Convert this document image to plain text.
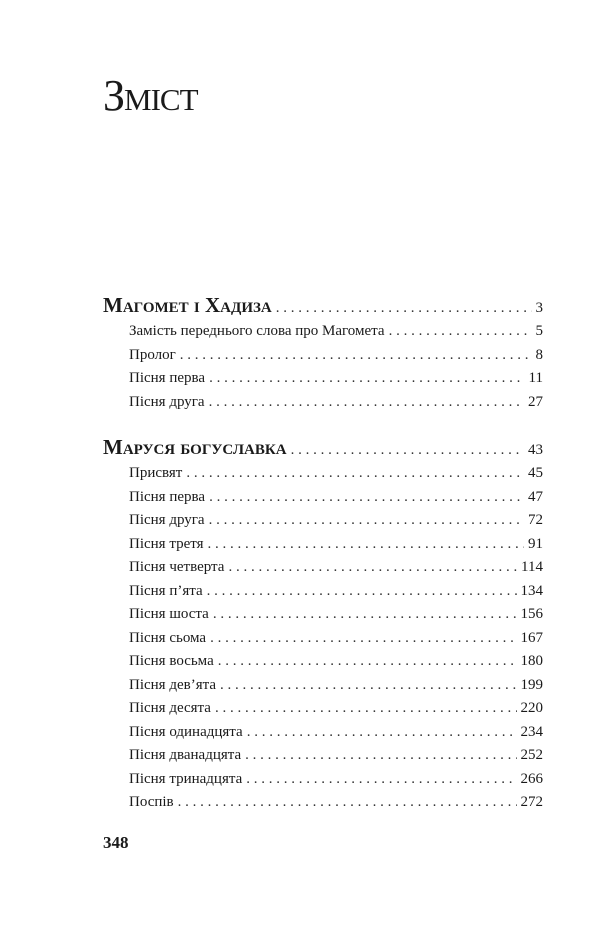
Зміст
Магомет і Хадиза . . .	3
Замість переднього слова про Магомета . . .	5
Пролог . . .	8
Пісня перва . . .	11
Пісня друга . . .	27
Маруся богуславка . . .	43
Присвят . . .	45
Пісня перва . . .	47
Пісня друга . . .	72
Пісня третя . . .	91
Пісня четверта . . .	114
Пісня п’ята . . .	134
Пісня шоста . . .	156
Пісня сьома . . .	167
Пісня восьма . . .	180
Пісня дев’ята . . .	199
Пісня десята . . .	220
Пісня одинадцята . . .	234
Пісня дванадцята . . .	252
Пісня тринадцята . . .	266
Поспів . . .	272
348
